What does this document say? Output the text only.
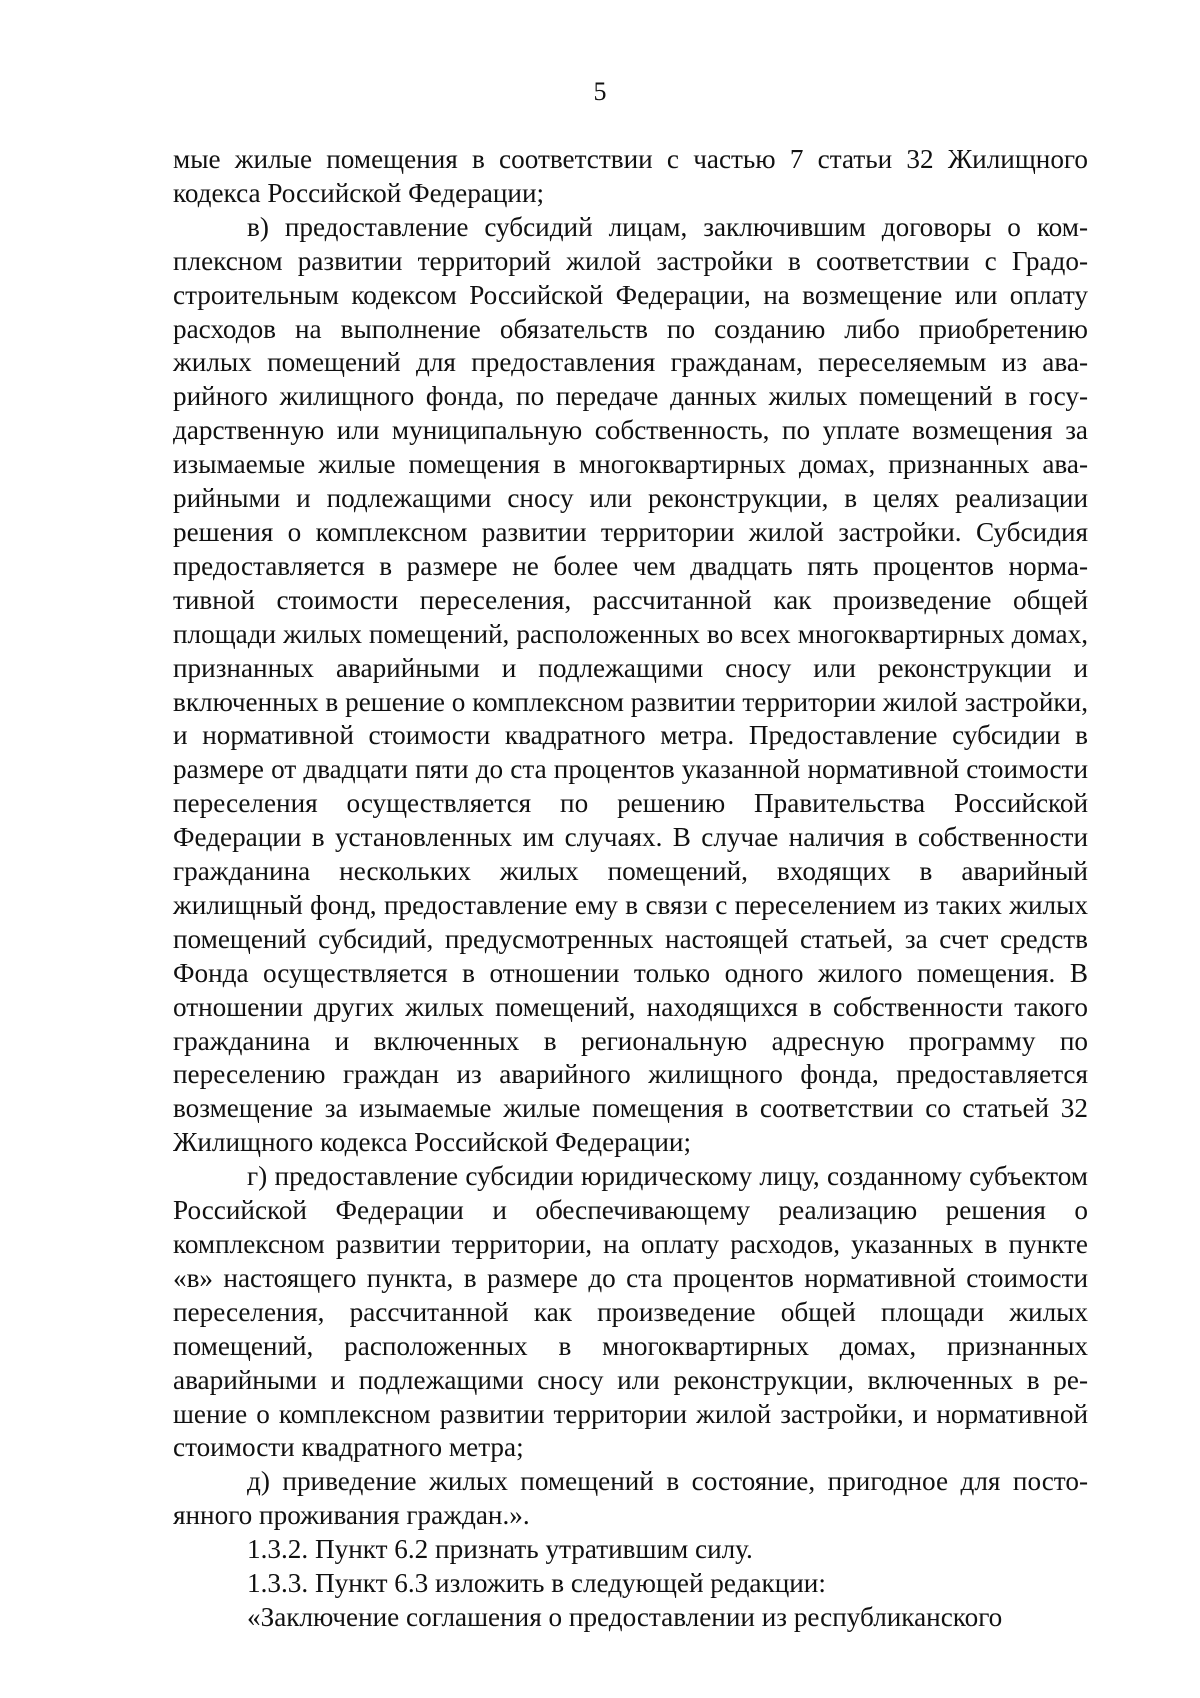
5

мые жилые помещения в соответствии с частью 7 статьи 32 Жилищного кодекса Российской Федерации;

в) предоставление субсидий лицам, заключившим договоры о комплексном развитии территорий жилой застройки в соответствии с Градостроительным кодексом Российской Федерации, на возмещение или оплату расходов на выполнение обязательств по созданию либо приобретению жилых помещений для предоставления гражданам, переселяемым из аварийного жилищного фонда, по передаче данных жилых помещений в государственную или муниципальную собственность, по уплате возмещения за изымаемые жилые помещения в многоквартирных домах, признанных аварийными и подлежащими сносу или реконструкции, в целях реализации решения о комплексном развитии территории жилой застройки. Субсидия предоставляется в размере не более чем двадцать пять процентов нормативной стоимости переселения, рассчитанной как произведение общей площади жилых помещений, расположенных во всех многоквартирных домах, признанных аварийными и подлежащими сносу или реконструкции и включенных в решение о комплексном развитии территории жилой застройки, и нормативной стоимости квадратного метра. Предоставление субсидии в размере от двадцати пяти до ста процентов указанной нормативной стоимости переселения осуществляется по решению Правительства Российской Федерации в установленных им случаях. В случае наличия в собственности гражданина нескольких жилых помещений, входящих в аварийный жилищный фонд, предоставление ему в связи с переселением из таких жилых помещений субсидий, предусмотренных настоящей статьей, за счет средств Фонда осуществляется в отношении только одного жилого помещения. В отношении других жилых помещений, находящихся в собственности такого гражданина и включенных в региональную адресную программу по переселению граждан из аварийного жилищного фонда, предоставляется возмещение за изымаемые жилые помещения в соответствии со статьей 32 Жилищного кодекса Российской Федерации;

г) предоставление субсидии юридическому лицу, созданному субъектом Российской Федерации и обеспечивающему реализацию решения о комплексном развитии территории, на оплату расходов, указанных в пункте «в» настоящего пункта, в размере до ста процентов нормативной стоимости переселения, рассчитанной как произведение общей площади жилых помещений, расположенных в многоквартирных домах, признанных аварийными и подлежащими сносу или реконструкции, включенных в решение о комплексном развитии территории жилой застройки, и нормативной стоимости квадратного метра;

д) приведение жилых помещений в состояние, пригодное для постоянного проживания граждан.».

1.3.2. Пункт 6.2 признать утратившим силу.

1.3.3. Пункт 6.3 изложить в следующей редакции:

«Заключение соглашения о предоставлении из республиканского
